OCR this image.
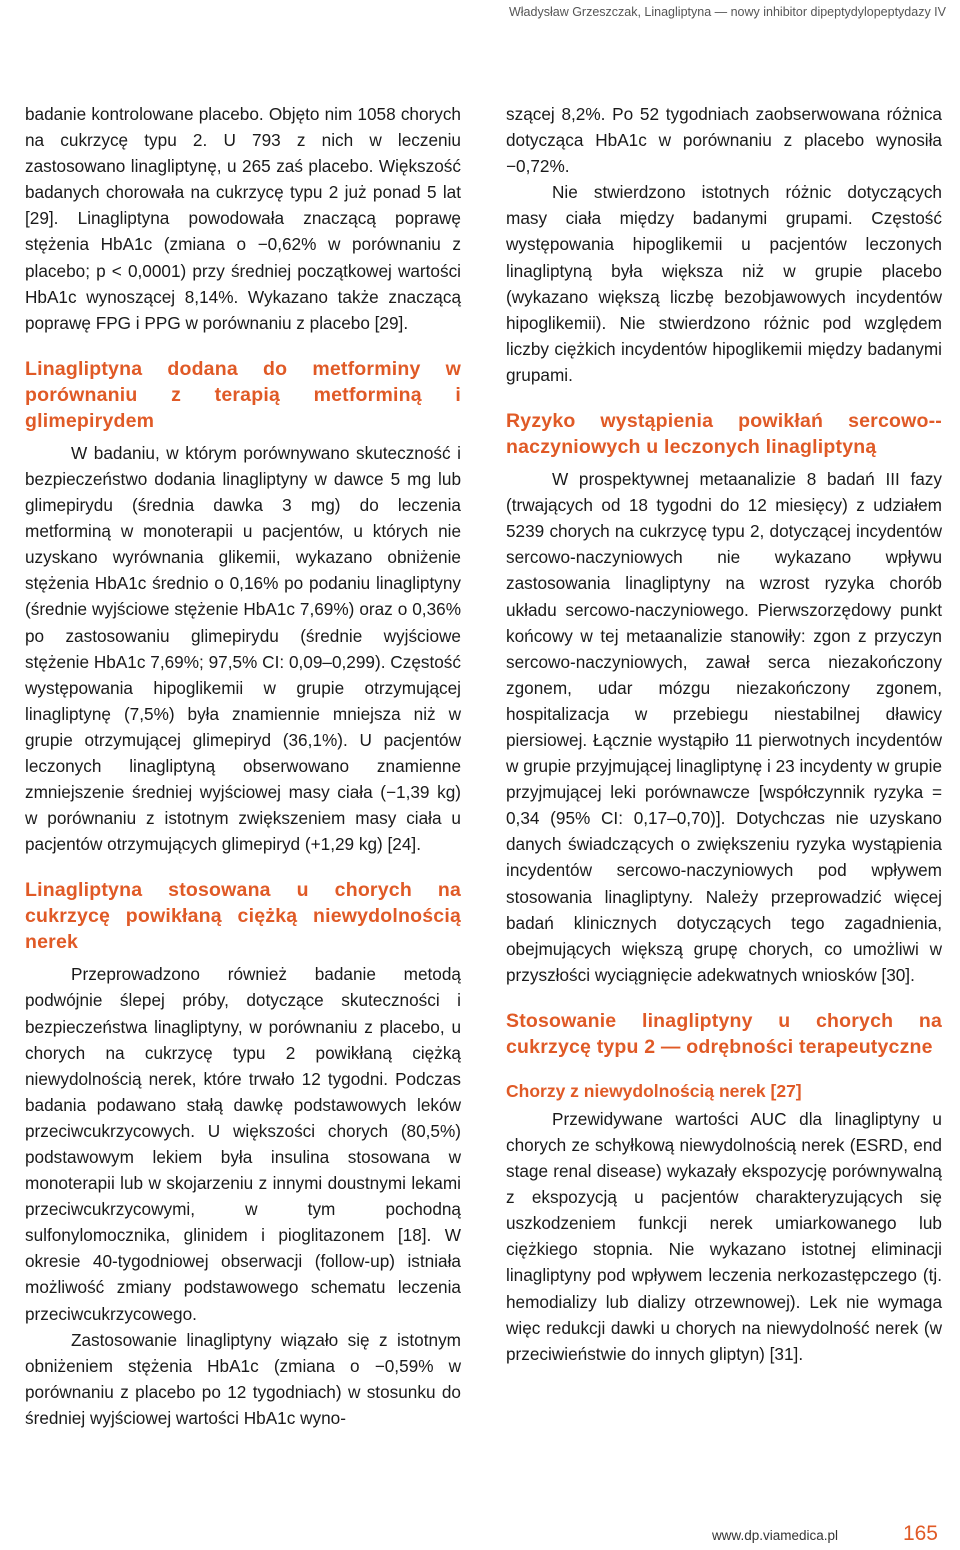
Władysław Grzeszczak, Linagliptyna — nowy inhibitor dipeptydylopeptydazy IV

badanie kontrolowane placebo. Objęto nim 1058 chorych na cukrzycę typu 2. U 793 z nich w leczeniu zastosowano linagliptynę, u 265 zaś placebo. Większość badanych chorowała na cukrzycę typu 2 już ponad 5 lat [29]. Linagliptyna powodowała znaczącą poprawę stężenia HbA1c (zmiana o −0,62% w porównaniu z placebo; p < 0,0001) przy średniej początkowej wartości HbA1c wynoszącej 8,14%. Wykazano także znaczącą poprawę FPG i PPG w porównaniu z placebo [29].

Linagliptyna dodana do metforminy w porównaniu z terapią metforminą i glimepirydem

W badaniu, w którym porównywano skuteczność i bezpieczeństwo dodania linagliptyny w dawce 5 mg lub glimepirydu (średnia dawka 3 mg) do leczenia metforminą w monoterapii u pacjentów, u których nie uzyskano wyrównania glikemii, wykazano obniżenie stężenia HbA1c średnio o 0,16% po podaniu linagliptyny (średnie wyjściowe stężenie HbA1c 7,69%) oraz o 0,36% po zastosowaniu glimepirydu (średnie wyjściowe stężenie HbA1c 7,69%; 97,5% CI: 0,09–0,299). Częstość występowania hipoglikemii w grupie otrzymującej linagliptynę (7,5%) była znamiennie mniejsza niż w grupie otrzymującej glimepiryd (36,1%). U pacjentów leczonych linagliptyną obserwowano znamienne zmniejszenie średniej wyjściowej masy ciała (−1,39 kg) w porównaniu z istotnym zwiększeniem masy ciała u pacjentów otrzymujących glimepiryd (+1,29 kg) [24].

Linagliptyna stosowana u chorych na cukrzycę powikłaną ciężką niewydolnością nerek

Przeprowadzono również badanie metodą podwójnie ślepej próby, dotyczące skuteczności i bezpieczeństwa linagliptyny, w porównaniu z placebo, u chorych na cukrzycę typu 2 powikłaną ciężką niewydolnością nerek, które trwało 12 tygodni. Podczas badania podawano stałą dawkę podstawowych leków przeciwcukrzycowych. U większości chorych (80,5%) podstawowym lekiem była insulina stosowana w monoterapii lub w skojarzeniu z innymi doustnymi lekami przeciwcukrzycowymi, w tym pochodną sulfonylomocznika, glinidem i pioglitazonem [18]. W okresie 40-tygodniowej obserwacji (follow-up) istniała możliwość zmiany podstawowego schematu leczenia przeciwcukrzycowego.

Zastosowanie linagliptyny wiązało się z istotnym obniżeniem stężenia HbA1c (zmiana o −0,59% w porównaniu z placebo po 12 tygodniach) w stosunku do średniej wyjściowej wartości HbA1c wyno-

szącej 8,2%. Po 52 tygodniach zaobserwowana różnica dotycząca HbA1c w porównaniu z placebo wynosiła −0,72%.

Nie stwierdzono istotnych różnic dotyczących masy ciała między badanymi grupami. Częstość występowania hipoglikemii u pacjentów leczonych linagliptyną była większa niż w grupie placebo (wykazano większą liczbę bezobjawowych incydentów hipoglikemii). Nie stwierdzono różnic pod względem liczby ciężkich incydentów hipoglikemii między badanymi grupami.

Ryzyko wystąpienia powikłań sercowo--naczyniowych u leczonych linagliptyną

W prospektywnej metaanalizie 8 badań III fazy (trwających od 18 tygodni do 12 miesięcy) z udziałem 5239 chorych na cukrzycę typu 2, dotyczącej incydentów sercowo-naczyniowych nie wykazano wpływu zastosowania linagliptyny na wzrost ryzyka chorób układu sercowo-naczyniowego. Pierwszorzędowy punkt końcowy w tej metaanalizie stanowiły: zgon z przyczyn sercowo-naczyniowych, zawał serca niezakończony zgonem, udar mózgu niezakończony zgonem, hospitalizacja w przebiegu niestabilnej dławicy piersiowej. Łącznie wystąpiło 11 pierwotnych incydentów w grupie przyjmującej linagliptynę i 23 incydenty w grupie przyjmującej leki porównawcze [współczynnik ryzyka = 0,34 (95% CI: 0,17–0,70)]. Dotychczas nie uzyskano danych świadczących o zwiększeniu ryzyka wystąpienia incydentów sercowo-naczyniowych pod wpływem stosowania linagliptyny. Należy przeprowadzić więcej badań klinicznych dotyczących tego zagadnienia, obejmujących większą grupę chorych, co umożliwi w przyszłości wyciągnięcie adekwatnych wniosków [30].

Stosowanie linagliptyny u chorych na cukrzycę typu 2 — odrębności terapeutyczne
Chorzy z niewydolnością nerek [27]

Przewidywane wartości AUC dla linagliptyny u chorych ze schyłkową niewydolnością nerek (ESRD, end stage renal disease) wykazały ekspozycję porównywalną z ekspozycją u pacjentów charakteryzujących się uszkodzeniem funkcji nerek umiarkowanego lub ciężkiego stopnia. Nie wykazano istotnej eliminacji linagliptyny pod wpływem leczenia nerkozastępczego (tj. hemodializy lub dializy otrzewnowej). Lek nie wymaga więc redukcji dawki u chorych na niewydolność nerek (w przeciwieństwie do innych gliptyn) [31].

www.dp.viamedica.pl	165
